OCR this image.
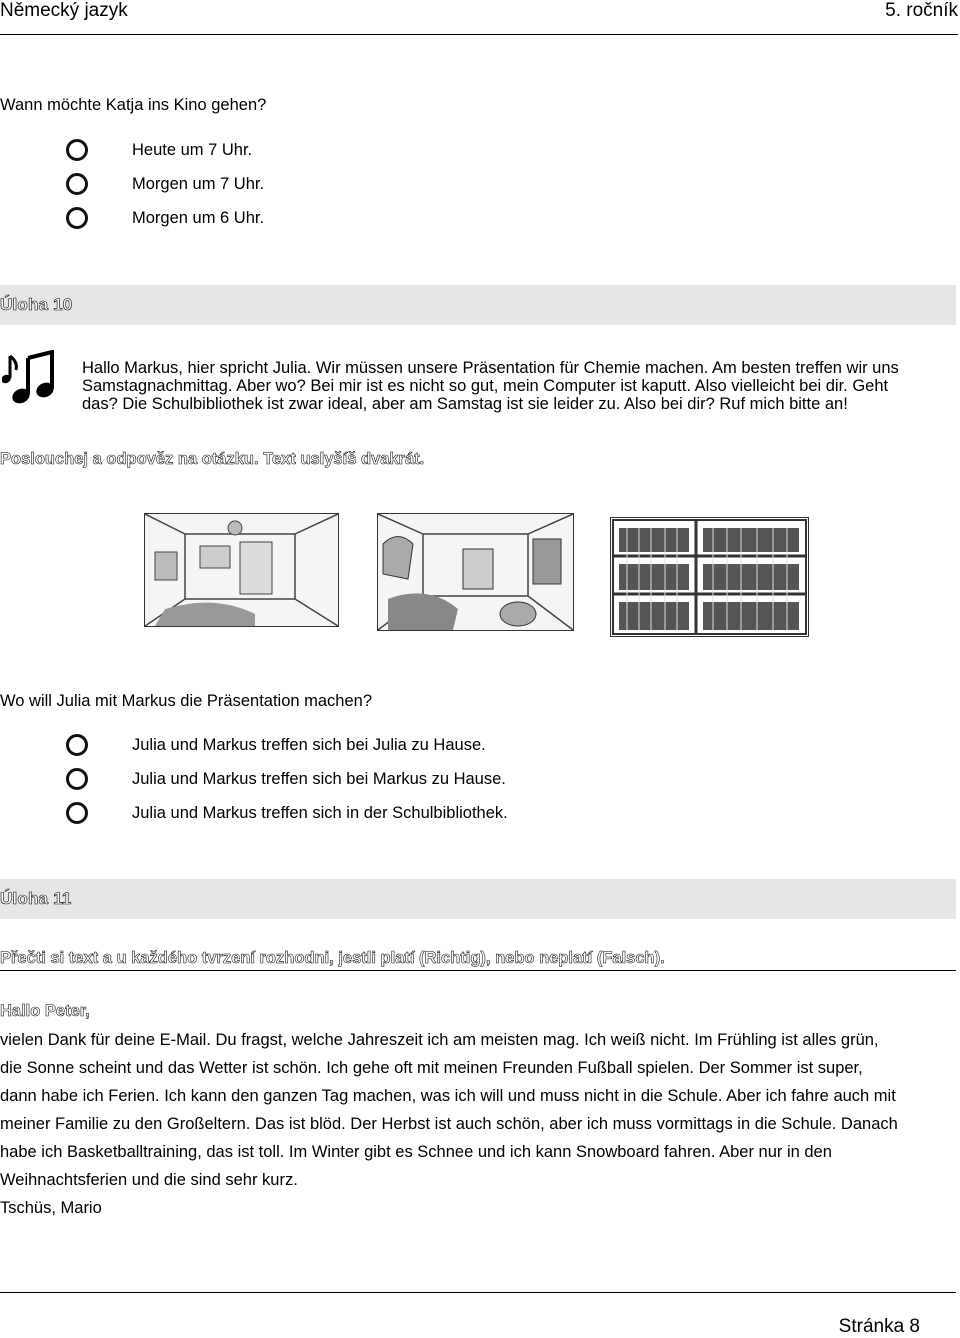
Německý jazyk	5. ročník
Wann möchte Katja ins Kino gehen?
Heute um 7 Uhr.
Morgen um 7 Uhr.
Morgen um 6 Uhr.
Úloha 10
Hallo Markus, hier spricht Julia. Wir müssen unsere Präsentation für Chemie machen. Am besten treffen wir uns
Samstagnachmittag. Aber wo? Bei mir ist es nicht so gut, mein Computer ist kaputt. Also vielleicht bei dir. Geht
das? Die Schulbibliothek ist zwar ideal, aber am Samstag ist sie leider zu. Also bei dir? Ruf mich bitte an!
Poslouchej a odpověz na otázku. Text uslyšíš dvakrát.
Wo will Julia mit Markus die Präsentation machen?
Julia und Markus treffen sich bei Julia zu Hause.
Julia und Markus treffen sich bei Markus zu Hause.
Julia und Markus treffen sich in der Schulbibliothek.
Úloha 11
Přečti si text a u každého tvrzení rozhodni, jestli platí (Richtig), nebo neplatí (Falsch).
Hallo Peter,
vielen Dank für deine E-Mail. Du fragst, welche Jahreszeit ich am meisten mag. Ich weiß nicht. Im Frühling ist alles grün,
die Sonne scheint und das Wetter ist schön. Ich gehe oft mit meinen Freunden Fußball spielen. Der Sommer ist super,
dann habe ich Ferien. Ich kann den ganzen Tag machen, was ich will und muss nicht in die Schule. Aber ich fahre auch mit
meiner Familie zu den Großeltern. Das ist blöd. Der Herbst ist auch schön, aber ich muss vormittags in die Schule. Danach
habe ich Basketballtraining, das ist toll. Im Winter gibt es Schnee und ich kann Snowboard fahren. Aber nur in den
Weihnachtsferien und die sind sehr kurz.
Tschüs, Mario
Stránka 8
